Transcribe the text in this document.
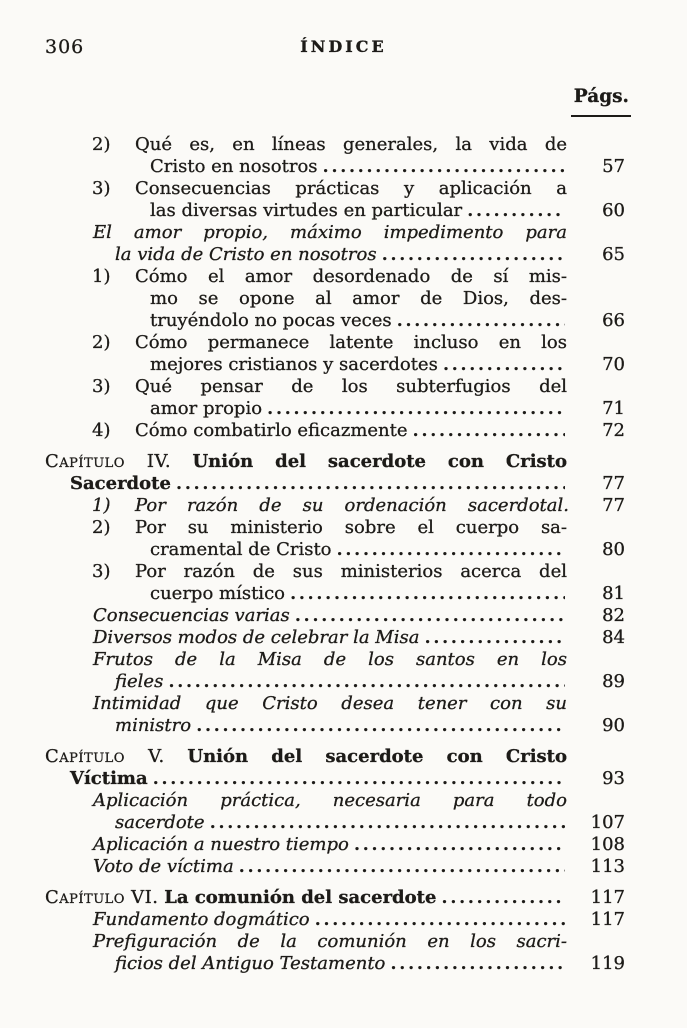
306	ÍNDICE
Págs.
2) Qué es, en líneas generales, la vida de
Cristo en nosotros .....	57
3) Consecuencias prácticas y aplicación a
las diversas virtudes en particular .....	60
El amor propio, máximo impedimento para
la vida de Cristo en nosotros .....	65
1) Cómo el amor desordenado de sí mis-
mo se opone al amor de Dios, des-
truyéndolo no pocas veces .....	66
2) Cómo permanece latente incluso en los
mejores cristianos y sacerdotes .....	70
3) Qué pensar de los subterfugios del
amor propio .....	71
4) Cómo combatirlo eficazmente .....	72
Capítulo IV. Unión del sacerdote con Cristo
Sacerdote .....	77
1) Por razón de su ordenación sacerdotal.	77
2) Por su ministerio sobre el cuerpo sa-
cramental de Cristo .....	80
3) Por razón de sus ministerios acerca del
cuerpo místico .....	81
Consecuencias varias .....	82
Diversos modos de celebrar la Misa .....	84
Frutos de la Misa de los santos en los
fieles .....	89
Intimidad que Cristo desea tener con su
ministro .....	90
Capítulo V. Unión del sacerdote con Cristo
Víctima .....	93
Aplicación práctica, necesaria para todo
sacerdote .....	107
Aplicación a nuestro tiempo .....	108
Voto de víctima .....	113
Capítulo VI. La comunión del sacerdote .....	117
Fundamento dogmático .....	117
Prefiguración de la comunión en los sacri-
ficios del Antiguo Testamento .....	119
